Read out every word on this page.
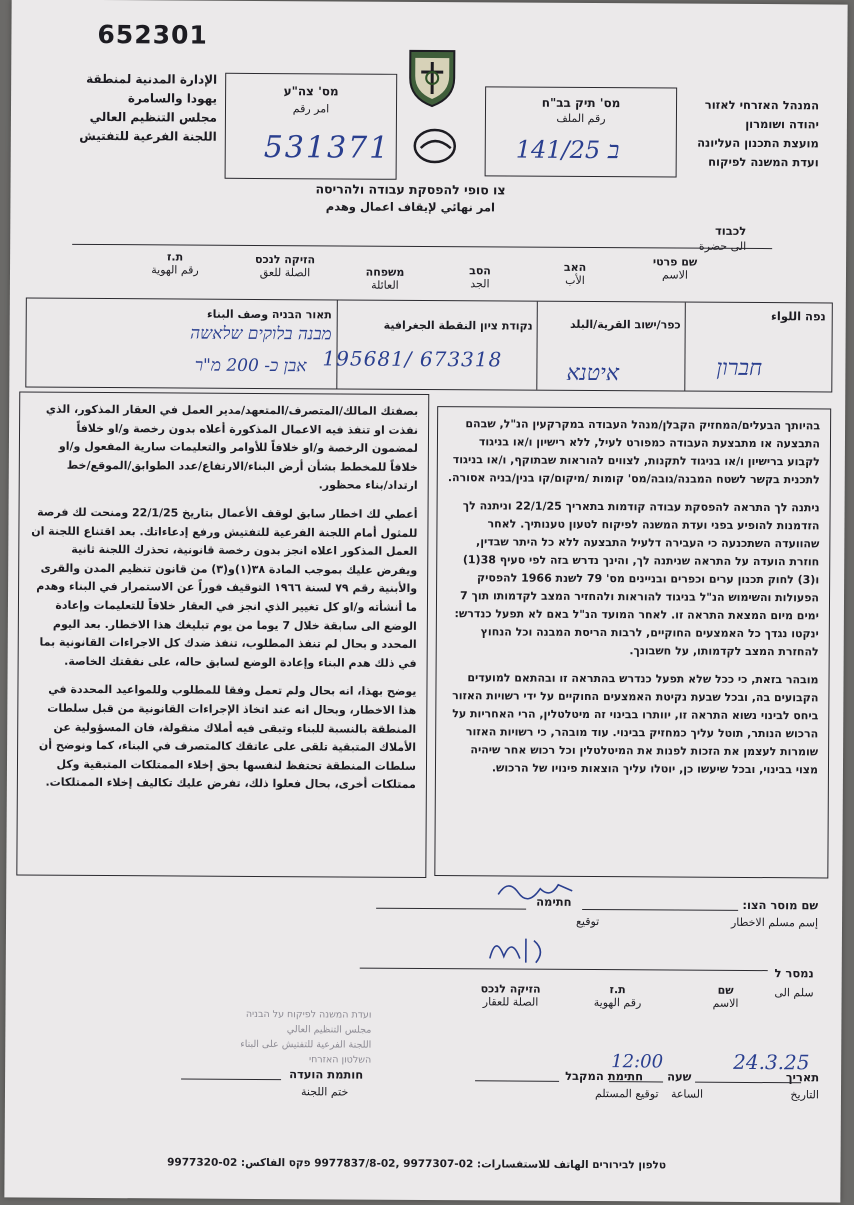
652301
המנהל האזרחי לאזור
יהודה ושומרון
מועצת התכנון העליונה
ועדת המשנה לפיקוח
الإدارة المدنية لمنطقة
يهودا والسامرة
مجلس التنظيم العالي
اللجنة الفرعية للتفتيش
מס' צה"ע
امر رقم
531371
מס' תיק בב"ח
رقم الملف
141/25 ב
צו סופי להפסקת עבודה ולהריסה
امر نهائي لإيقاف اعمال وهدم
לכבוד
الى حضرة
שם פרטי
الاسم
האב
الأب
הסב
الجد
משפחה
العائلة
הזיקה לנכס
الصلة للعق
ת.ז
رقم الهوية
נפה اللواء
חברון
כפר/ישוב القرية/البلد
איטנא
נקודת ציון النقطة الجغرافية
195681/ 673318
תאור הבניה وصف البناء
מבנה בלוקים שלאשה
אבן כ- 200 מ"ר

בהיותך הבעלים/המחזיק הקבלן/מנהל העבודה במקרקעין הנ"ל, שבהם התבצעה או מתבצעת העבודה כמפורט לעיל, ללא רישיון ו/או בניגוד לקבוע ברישיון ו/או בניגוד לתקנות, לצווים להוראות שבתוקף, ו/או בניגוד לתכנית בקשר לשטח המבנה/גובה/מס' קומות /מיקום/קו בנין/בניה אסורה.

ניתנה לך התראה להפסקת עבודה קודמות בתאריך 22/1/25 וניתנה לך הזדמנות להופיע בפני ועדת המשנה לפיקוח לטעון טענותיך. לאחר שהוועדה השתכנעה כי העבירה דלעיל התבצעה ללא כל היתר שבדין, חוזרת הועדה על התראה שניתנה לך, והינך נדרש בזה לפי סעיף 38(1) ו(3) לחוק תכנון ערים וכפרים ובניינים מס' 79 לשנת 1966 להפסיק הפעולות והשימוש הנ"ל בניגוד להוראות ולהחזיר המצב לקדמותו תוך 7 ימים מיום המצאת התראה זו. לאחר המועד הנ"ל באם לא תפעל כנדרש: ינקטו נגדך כל האמצעים החוקיים, לרבות הריסת המבנה וכל הנחוץ להחזרת המצב לקדמותו, על חשבונך.

מובהר בזאת, כי ככל שלא תפעל כנדרש בהתראה זו ובהתאם למועדים הקבועים בה, ובכל שבעת נקיטת האמצעים החוקיים על ידי רשויות האזור ביחס לבינוי נשוא התראה זו, יוותרו בבינוי זה מיטלטלין, הרי האחריות על הרכוש הנותר, תוטל עליך כמחזיק בבינוי. עוד מובהר, כי רשויות האזור שומרות לעצמן את הזכות לפנות את המיטלטלין וכל רכוש אחר שיהיה מצוי בבינוי, ובכל שיעשו כן, יוטלו עליך הוצאות פינויו של הרכוש.

بصفتك المالك/المتصرف/المتعهد/مدير العمل في العقار المذكور، الذي نفذت او تنفذ فيه الاعمال المذكورة أعلاه بدون رخصة و/او خلافاً لمضمون الرخصة و/او خلافاً للأوامر والتعليمات سارية المفعول و/او خلافاً للمخطط بشأن أرض البناء/الارتفاع/عدد الطوابق/الموقع/خط ارتداد/بناء محظور.

أعطي لك اخطار سابق لوقف الأعمال بتاريخ 22/1/25 ومنحت لك فرصة للمثول أمام اللجنة الفرعية للتفتيش ورفع إدعاءاتك. بعد اقتناع اللجنة ان العمل المذكور اعلاه انجز بدون رخصة قانونية، تحذرك اللجنة ثانية ويفرض عليك بموجب المادة ٣٨(١)و(٣) من قانون تنظيم المدن والقرى والأبنية رقم ٧٩ لسنة ١٩٦٦ التوقيف فوراً عن الاستمرار في البناء وهدم ما أنشأته و/او كل تغيير الذي انجز في العقار خلافاً للتعليمات وإعادة الوضع الى سابقة خلال 7 يوما من يوم تبليغك هذا الاخطار. بعد اليوم المحدد و بحال لم تنفذ المطلوب، تنفذ ضدك كل الاجراءات القانونية بما في ذلك هدم البناء وإعادة الوضع لسابق حاله، على نفقتك الخاصة.

يوضح بهذا، انه بحال ولم تعمل وفقا للمطلوب وللمواعيد المحددة في هذا الاخطار، وبحال انه عند اتخاذ الإجراءات القانونية من قبل سلطات المنطقة بالنسبة للبناء وتبقى فيه أملاك منقولة، فان المسؤولية عن الأملاك المتبقية تلقى على عاتقك كالمتصرف في البناء، كما ونوضح أن سلطات المنطقة تحتفظ لنفسها بحق إخلاء الممتلكات المتبقية وكل ممتلكات أخرى، بحال فعلوا ذلك، تفرض عليك تكاليف إخلاء الممتلكات.

שם מוסר הצו:
إسم مسلم الاخطار
חתימה
توقيع
נמסר ל
سلم الى
שם
الاسم
ת.ז
رقم الهوية
הזיקה לנכס
الصلة للعقار
ועדת המשנה לפיקוח על הבניה
مجلس التنظيم العالي
اللجنة الفرعية للتفتيش على البناء
השלטון האזרחי
תאריך
التاريخ
24.3.25
שעה
الساعة
12:00
חתימת המקבל
توقيع المستلم
חותמת הועדה
ختم اللجنة
טלפון לבירורים الهاتف للاستفسارات: 02-9977307 ,02-9977837/8 פקס الفاكس: 02-9977320
